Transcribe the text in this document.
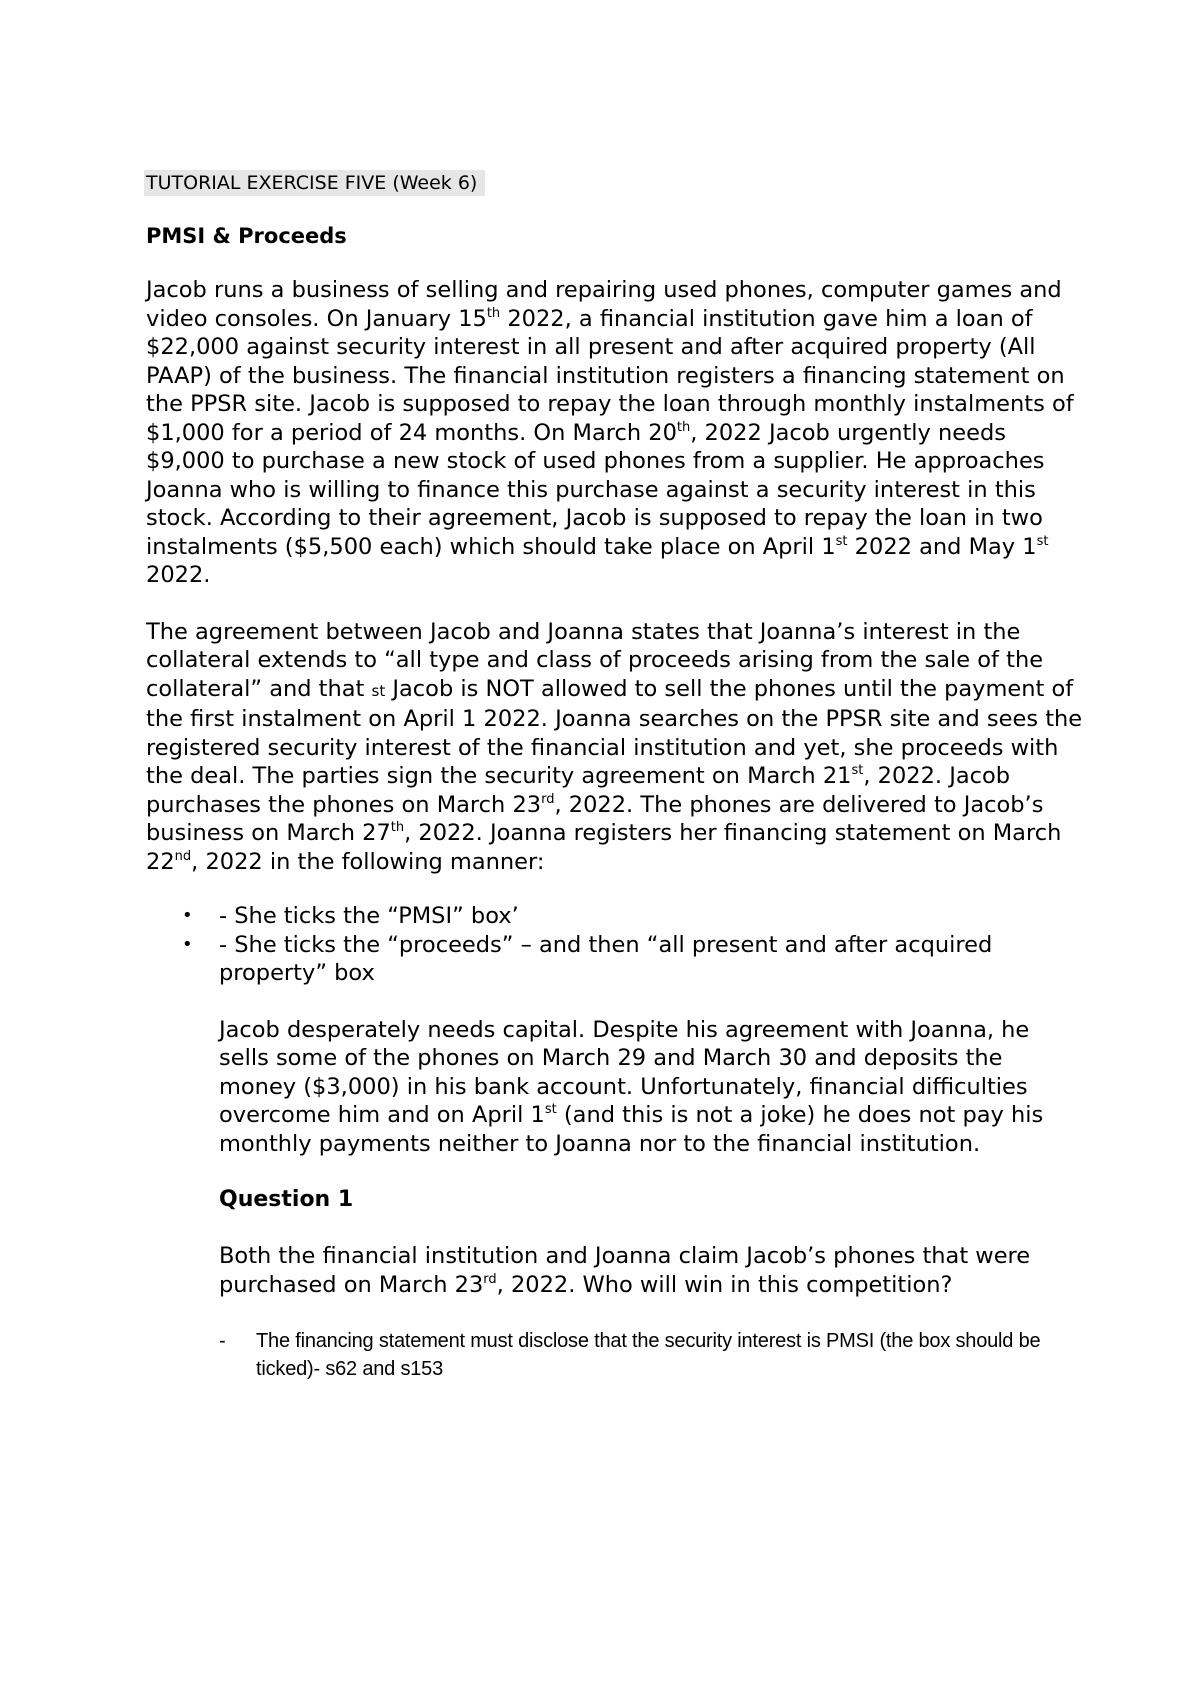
TUTORIAL EXERCISE FIVE (Week 6)
PMSI & Proceeds

Jacob runs a business of selling and repairing used phones, computer games and video consoles. On January 15th 2022, a financial institution gave him a loan of $22,000 against security interest in all present and after acquired property (All PAAP) of the business. The financial institution registers a financing statement on the PPSR site. Jacob is supposed to repay the loan through monthly instalments of $1,000 for a period of 24 months. On March 20th, 2022 Jacob urgently needs $9,000 to purchase a new stock of used phones from a supplier. He approaches Joanna who is willing to finance this purchase against a security interest in this stock. According to their agreement, Jacob is supposed to repay the loan in two instalments ($5,500 each) which should take place on April 1st 2022 and May 1st 2022.

The agreement between Jacob and Joanna states that Joanna’s interest in the collateral extends to “all type and class of proceeds arising from the sale of the collateral” and that st Jacob is NOT allowed to sell the phones until the payment of the first instalment on April 1 2022. Joanna searches on the PPSR site and sees the registered security interest of the financial institution and yet, she proceeds with the deal. The parties sign the security agreement on March 21st, 2022. Jacob purchases the phones on March 23rd, 2022. The phones are delivered to Jacob’s business on March 27th, 2022. Joanna registers her financing statement on March 22nd, 2022 in the following manner:

• - She ticks the “PMSI” box’
• - She ticks the “proceeds” – and then “all present and after acquired property” box

Jacob desperately needs capital. Despite his agreement with Joanna, he sells some of the phones on March 29 and March 30 and deposits the money ($3,000) in his bank account. Unfortunately, financial difficulties overcome him and on April 1st (and this is not a joke) he does not pay his monthly payments neither to Joanna nor to the financial institution.

Question 1

Both the financial institution and Joanna claim Jacob’s phones that were purchased on March 23rd, 2022. Who will win in this competition?

- The financing statement must disclose that the security interest is PMSI (the box should be ticked)- s62 and s153
